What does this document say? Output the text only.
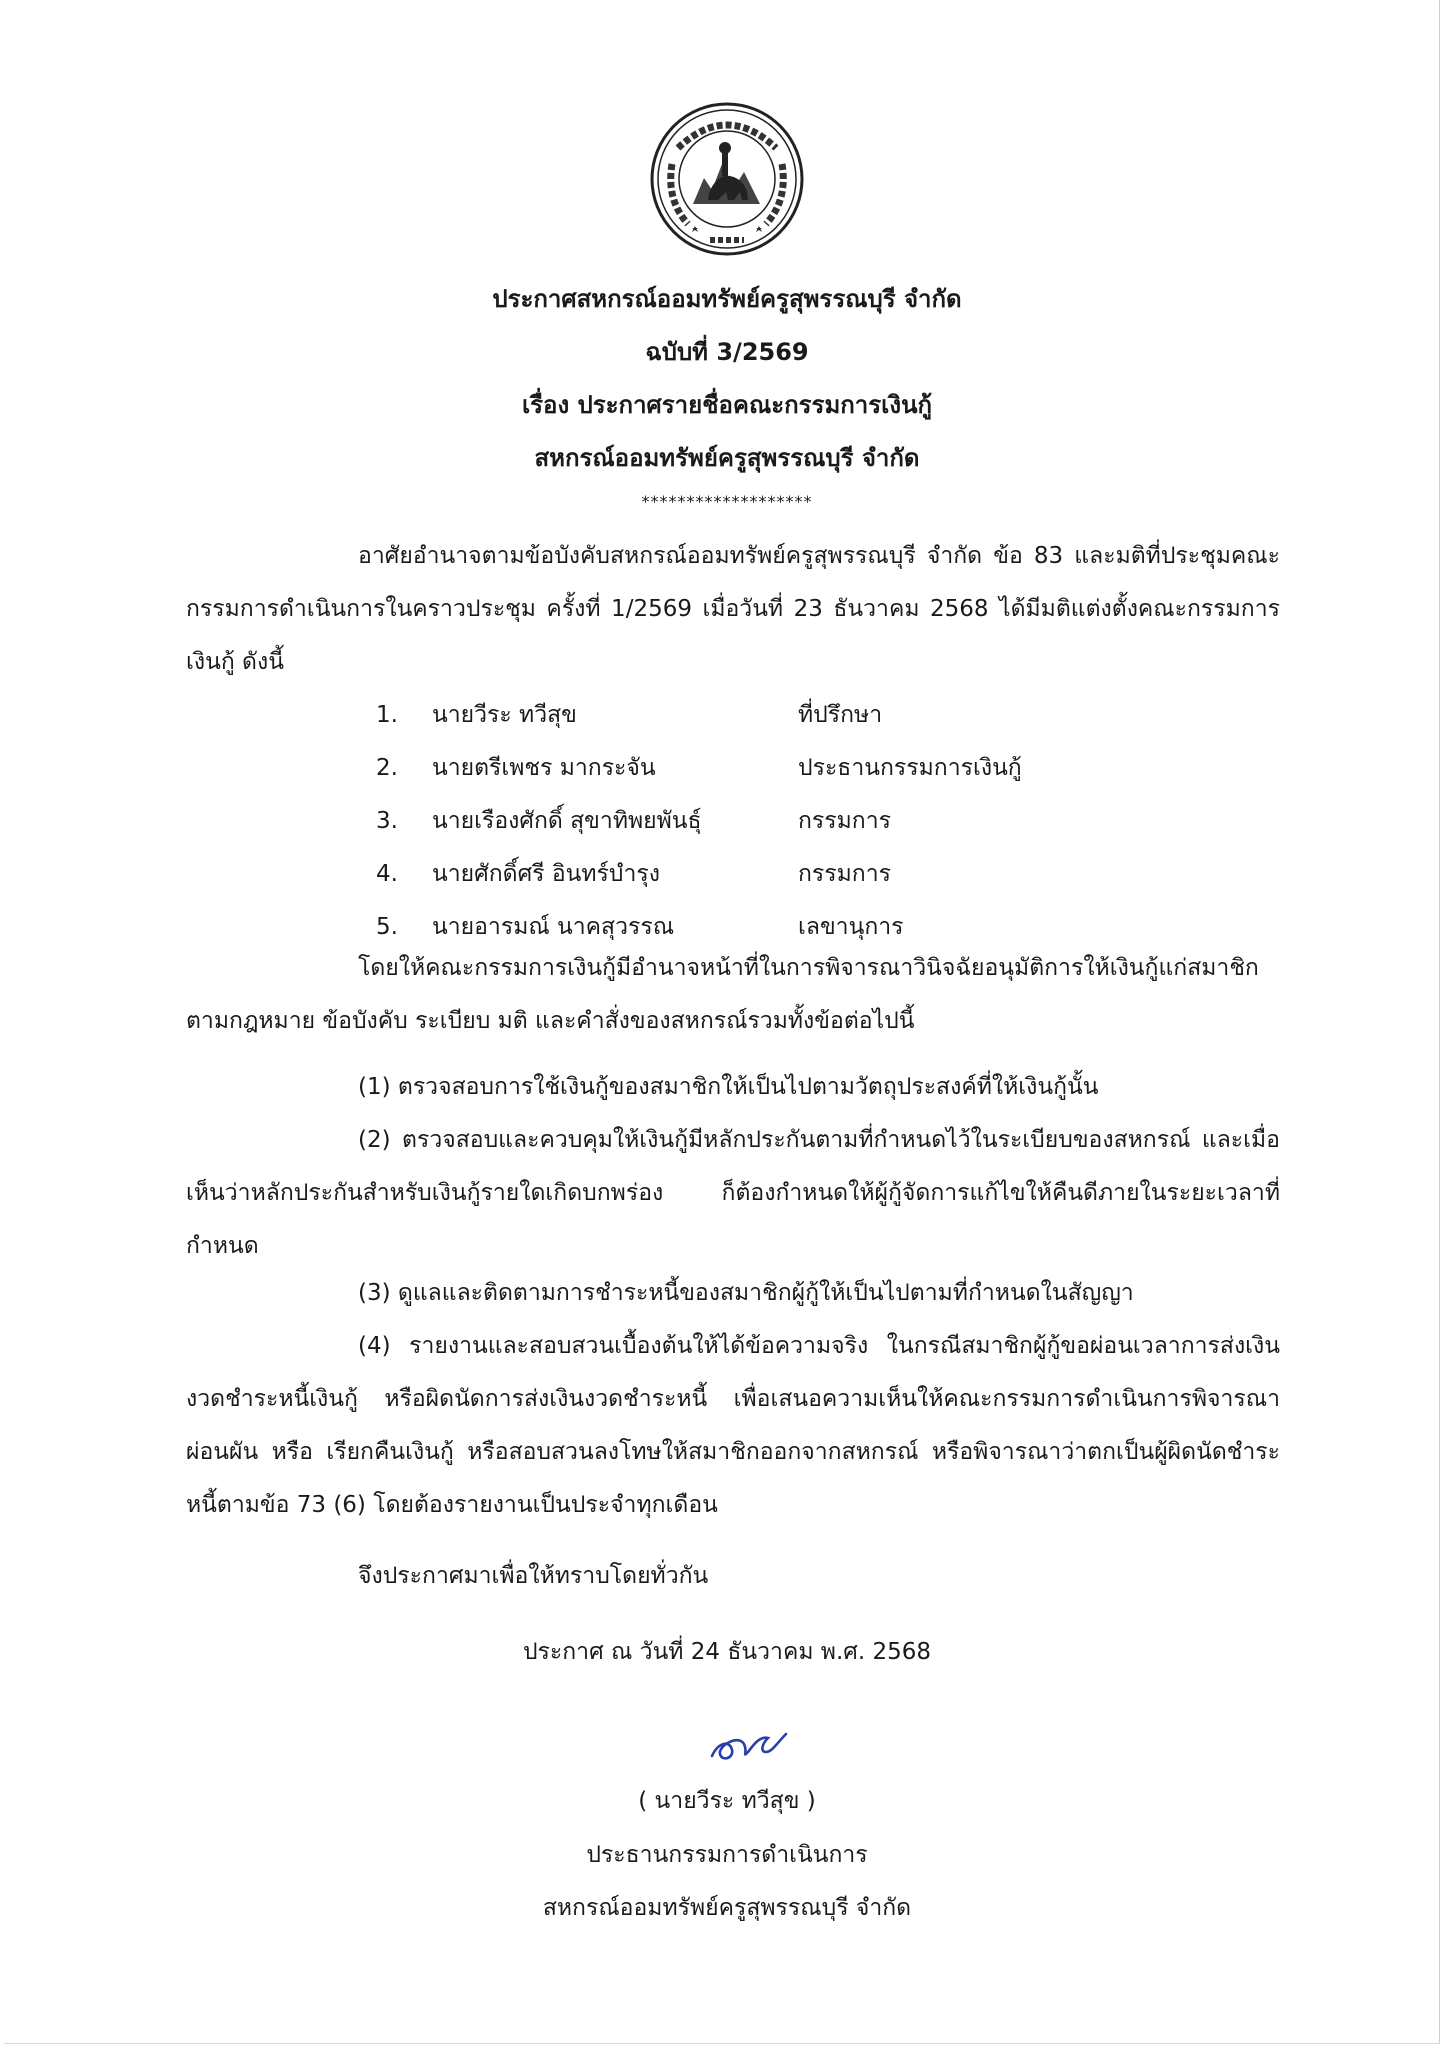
ประกาศสหกรณ์ออมทรัพย์ครูสุพรรณบุรี จำกัด
ฉบับที่ 3/2569
เรื่อง ประกาศรายชื่อคณะกรรมการเงินกู้
สหกรณ์ออมทรัพย์ครูสุพรรณบุรี จำกัด
*******************
อาศัยอำนาจตามข้อบังคับสหกรณ์ออมทรัพย์ครูสุพรรณบุรี จำกัด ข้อ 83 และมติที่ประชุมคณะกรรมการดำเนินการในคราวประชุม ครั้งที่ 1/2569 เมื่อวันที่ 23 ธันวาคม 2568 ได้มีมติแต่งตั้งคณะกรรมการเงินกู้ ดังนี้
1. นายวีระ ทวีสุข	ที่ปรึกษา
2. นายตรีเพชร มากระจัน	ประธานกรรมการเงินกู้
3. นายเรืองศักดิ์ สุขาทิพยพันธุ์	กรรมการ
4. นายศักดิ์ศรี อินทร์บำรุง	กรรมการ
5. นายอารมณ์ นาคสุวรรณ	เลขานุการ
โดยให้คณะกรรมการเงินกู้มีอำนาจหน้าที่ในการพิจารณาวินิจฉัยอนุมัติการให้เงินกู้แก่สมาชิกตามกฎหมาย ข้อบังคับ ระเบียบ มติ และคำสั่งของสหกรณ์รวมทั้งข้อต่อไปนี้
(1) ตรวจสอบการใช้เงินกู้ของสมาชิกให้เป็นไปตามวัตถุประสงค์ที่ให้เงินกู้นั้น
(2) ตรวจสอบและควบคุมให้เงินกู้มีหลักประกันตามที่กำหนดไว้ในระเบียบของสหกรณ์ และเมื่อเห็นว่าหลักประกันสำหรับเงินกู้รายใดเกิดบกพร่อง ก็ต้องกำหนดให้ผู้กู้จัดการแก้ไขให้คืนดีภายในระยะเวลาที่กำหนด
(3) ดูแลและติดตามการชำระหนี้ของสมาชิกผู้กู้ให้เป็นไปตามที่กำหนดในสัญญา
(4) รายงานและสอบสวนเบื้องต้นให้ได้ข้อความจริง ในกรณีสมาชิกผู้กู้ขอผ่อนเวลาการส่งเงินงวดชำระหนี้เงินกู้ หรือผิดนัดการส่งเงินงวดชำระหนี้ เพื่อเสนอความเห็นให้คณะกรรมการดำเนินการพิจารณาผ่อนผัน หรือ เรียกคืนเงินกู้ หรือสอบสวนลงโทษให้สมาชิกออกจากสหกรณ์ หรือพิจารณาว่าตกเป็นผู้ผิดนัดชำระหนี้ตามข้อ 73 (6) โดยต้องรายงานเป็นประจำทุกเดือน
จึงประกาศมาเพื่อให้ทราบโดยทั่วกัน
ประกาศ ณ วันที่ 24 ธันวาคม พ.ศ. 2568
( นายวีระ ทวีสุข )
ประธานกรรมการดำเนินการ
สหกรณ์ออมทรัพย์ครูสุพรรณบุรี จำกัด
